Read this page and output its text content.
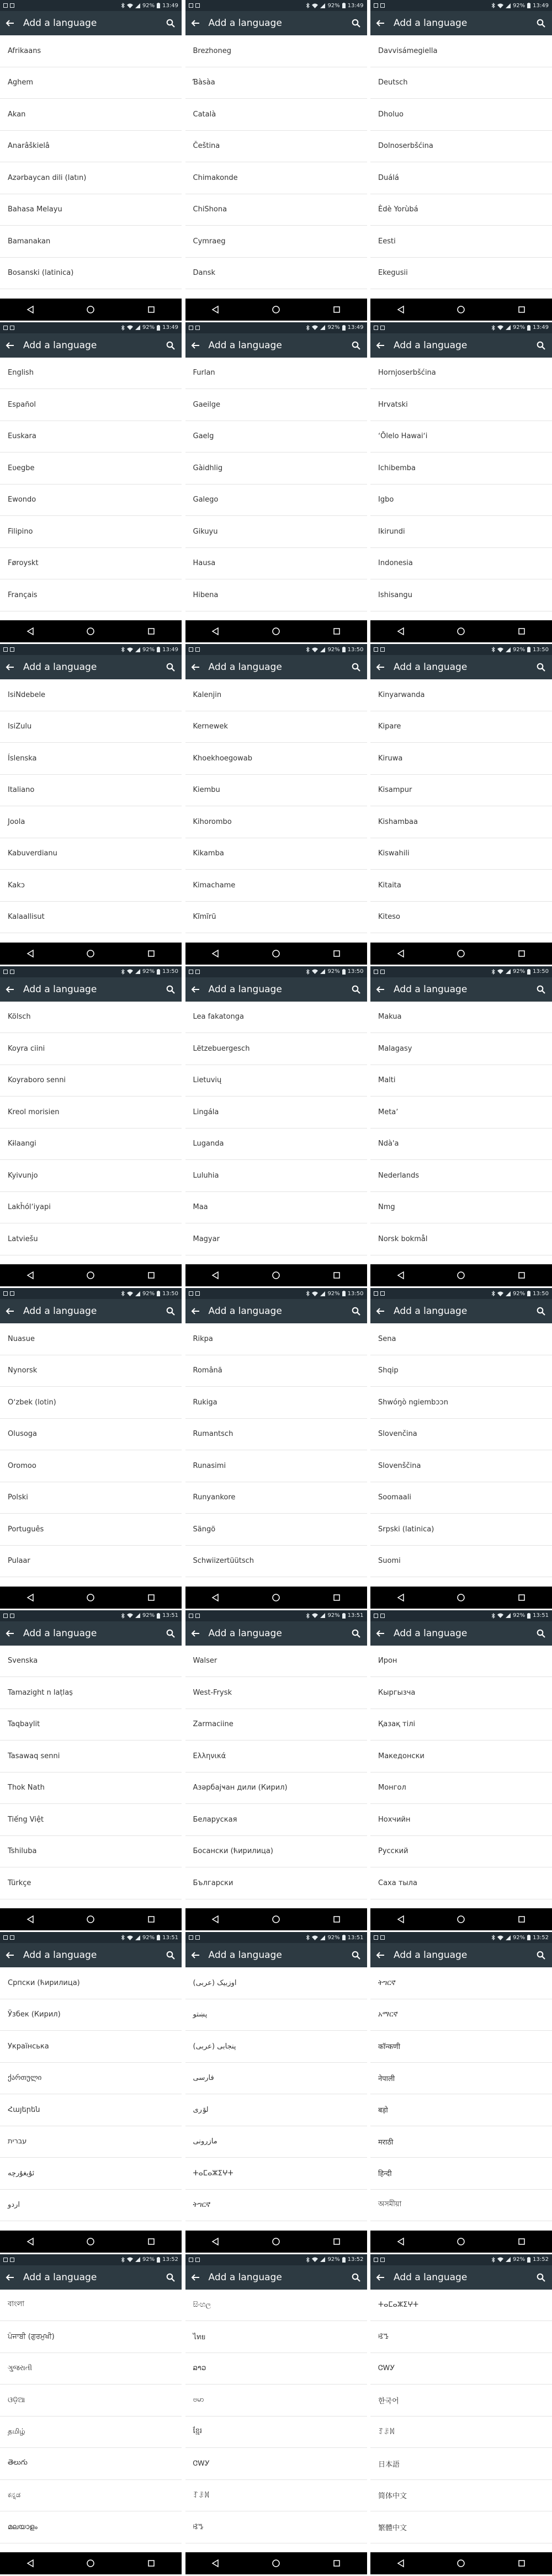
92% 13:49
Add a language
Afrikaans
Aghem
Akan
Anarâškielâ
Azərbaycan dili (latın)
Bahasa Melayu
Bamanakan
Bosanski (latinica)
92% 13:49
Add a language
Brezhoneg
Ɓàsàa
Català
Čeština
Chimakonde
ChiShona
Cymraeg
Dansk
92% 13:49
Add a language
Davvisámegiella
Deutsch
Dholuo
Dolnoserbšćina
Duálá
Èdè Yorùbá
Eesti
Ekegusii
92% 13:49
Add a language
English
Español
Euskara
Eʋegbe
Ewondo
Filipino
Føroyskt
Français
92% 13:49
Add a language
Furlan
Gaeilge
Gaelg
Gàidhlig
Galego
Gikuyu
Hausa
Hibena
92% 13:49
Add a language
Hornjoserbšćina
Hrvatski
ʻŌlelo Hawaiʻi
Ichibemba
Igbo
Ikirundi
Indonesia
Ishisangu
92% 13:49
Add a language
IsiNdebele
IsiZulu
Íslenska
Italiano
Joola
Kabuverdianu
Kakɔ
Kalaallisut
92% 13:50
Add a language
Kalenjin
Kernewek
Khoekhoegowab
Kiembu
Kihorombo
Kikamba
Kimachame
Kĩmĩrũ
92% 13:50
Add a language
Kinyarwanda
Kipare
Kiruwa
Kisampur
Kishambaa
Kiswahili
Kitaita
Kiteso
92% 13:50
Add a language
Kölsch
Koyra ciini
Koyraboro senni
Kreol morisien
Kɨlaangi
Kyivunjo
Lakȟólʼiyapi
Latviešu
92% 13:50
Add a language
Lea fakatonga
Lëtzebuergesch
Lietuvių
Lingála
Luganda
Luluhia
Maa
Magyar
92% 13:50
Add a language
Makua
Malagasy
Malti
Metaʼ
Ndàꞌa
Nederlands
Nmg
Norsk bokmål
92% 13:50
Add a language
Nuasue
Nynorsk
Oʻzbek (lotin)
Olusoga
Oromoo
Polski
Português
Pulaar
92% 13:50
Add a language
Rikpa
Română
Rukiga
Rumantsch
Runasimi
Runyankore
Sängö
Schwiizertüütsch
92% 13:50
Add a language
Sena
Shqip
Shwóŋò ngiembɔɔn
Slovenčina
Slovenščina
Soomaali
Srpski (latinica)
Suomi
92% 13:51
Add a language
Svenska
Tamazight n laṭlaṣ
Taqbaylit
Tasawaq senni
Thok Nath
Tiếng Việt
Tshiluba
Türkçe
92% 13:51
Add a language
Walser
West-Frysk
Zarmaciine
Ελληνικά
Азәрбајҹан дили (Кирил)
Беларуская
Босански (ћирилица)
Български
92% 13:51
Add a language
Ирон
Кыргызча
Қазақ тілі
Македонски
Монгол
Нохчийн
Русский
Саха тыла
92% 13:51
Add a language
Српски (ћирилица)
Ўзбек (Кирил)
Українська
ქართული
Հայերեն
עברית
ئۇيغۇرچە
اردو
92% 13:51
Add a language
اوزبیک (عربی)
پښتو
پنجابی (عربی)
فارسی
لۊری
مازرونی
ⵜⴰⵎⴰⵣⵉⵖⵜ
ትግርኛ
92% 13:52
Add a language
ትግርኛ
አማርኛ
कॉन्कणी
नेपाली
बड़ो
मराठी
हिन्दी
অসমীয়া
92% 13:52
Add a language
বাংলা
ਪੰਜਾਬੀ (ਗੁਰਮੁਖੀ)
ગુજરાતી
ଓଡ଼ିଆ
தமிழ்
తెలుగు
ಕನ್ನಡ
മലയാളം
92% 13:52
Add a language
සිංහල
ไทย
ລາວ
ဗမာ
ខ្មែរ
ᏣᎳᎩ
ꆈꌠꉙ
ꕙꔤ
92% 13:52
Add a language
ⵜⴰⵎⴰⵣⵉⵖⵜ
ꕙꔤ
ᏣᎳᎩ
한국어
ꆈꌠꉙ
日本語
简体中文
繁體中文
